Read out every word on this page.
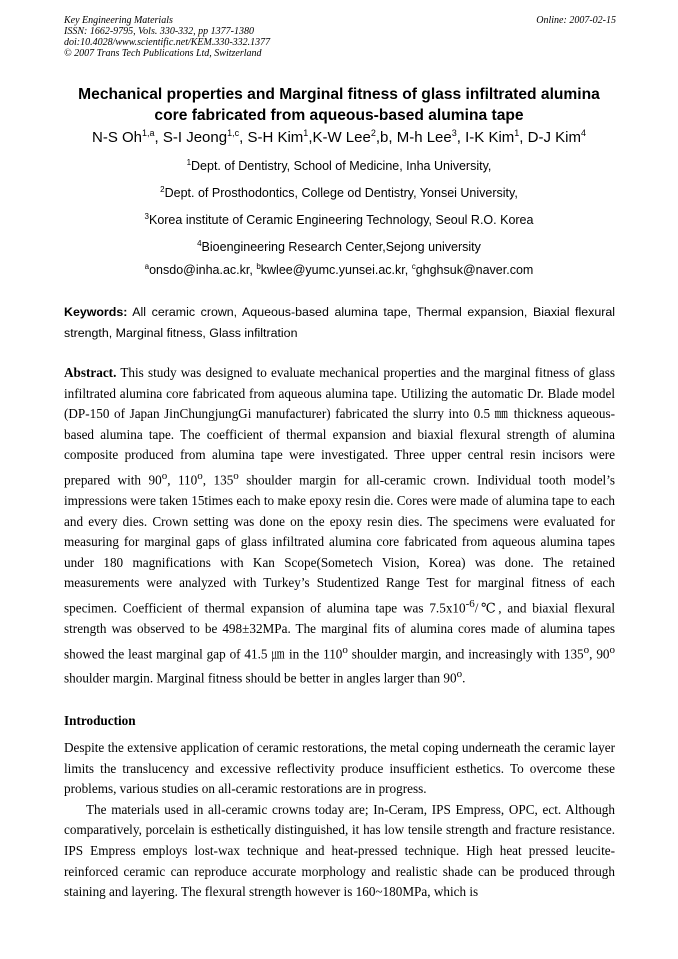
Key Engineering Materials
ISSN: 1662-9795, Vols. 330-332, pp 1377-1380
doi:10.4028/www.scientific.net/KEM.330-332.1377
© 2007 Trans Tech Publications Ltd, Switzerland
Online: 2007-02-15
Mechanical properties and Marginal fitness of glass infiltrated alumina
core fabricated from aqueous-based alumina tape
N-S Oh$^{1,a}$, S-I Jeong$^{1,c}$, S-H Kim$^1$,K-W Lee$^2$,b, M-h Lee$^3$, I-K Kim$^1$, D-J Kim$^4$
$^1$Dept. of Dentistry, School of Medicine, Inha University,
$^2$Dept. of Prosthodontics, College od Dentistry, Yonsei University,
$^3$Korea institute of Ceramic Engineering Technology, Seoul R.O. Korea
$^4$Bioengineering Research Center,Sejong university
$^a$onsdo@inha.ac.kr, $^b$kwlee@yumc.yunsei.ac.kr, $^c$ghghsuk@naver.com
Keywords: All ceramic crown, Aqueous-based alumina tape, Thermal expansion, Biaxial flexural strength, Marginal fitness, Glass infiltration
Abstract. This study was designed to evaluate mechanical properties and the marginal fitness of glass infiltrated alumina core fabricated from aqueous alumina tape. Utilizing the automatic Dr. Blade model (DP-150 of Japan JinChungjungGi manufacturer) fabricated the slurry into 0.5 ㎜ thickness aqueous-based alumina tape. The coefficient of thermal expansion and biaxial flexural strength of alumina composite produced from alumina tape were investigated. Three upper central resin incisors were prepared with 90$^o$, 110$^o$, 135$^o$ shoulder margin for all-ceramic crown. Individual tooth model’s impressions were taken 15times each to make epoxy resin die. Cores were made of alumina tape to each and every dies. Crown setting was done on the epoxy resin dies. The specimens were evaluated for measuring for marginal gaps of glass infiltrated alumina core fabricated from aqueous alumina tapes under 180 magnifications with Kan Scope(Sometech Vision, Korea) was done. The retained measurements were analyzed with Turkey’s Studentized Range Test for marginal fitness of each specimen. Coefficient of thermal expansion of alumina tape was $7.5x10^{-6}/℃$, and biaxial flexural strength was observed to be 498±32MPa. The marginal fits of alumina cores made of alumina tapes showed the least marginal gap of 41.5 ㎛ in the 110$^o$ shoulder margin, and increasingly with 135$^o$, 90$^o$ shoulder margin. Marginal fitness should be better in angles larger than 90$^o$.
Introduction

Despite the extensive application of ceramic restorations, the metal coping underneath the ceramic layer limits the translucency and excessive reflectivity produce insufficient esthetics. To overcome these problems, various studies on all-ceramic restorations are in progress.

The materials used in all-ceramic crowns today are; In-Ceram, IPS Empress, OPC, ect. Although comparatively, porcelain is esthetically distinguished, it has low tensile strength and fracture resistance. IPS Empress employs lost-wax technique and heat-pressed technique. High heat pressed leucite-reinforced ceramic can reproduce accurate morphology and realistic shade can be produced through staining and layering. The flexural strength however is 160~180MPa, which is
